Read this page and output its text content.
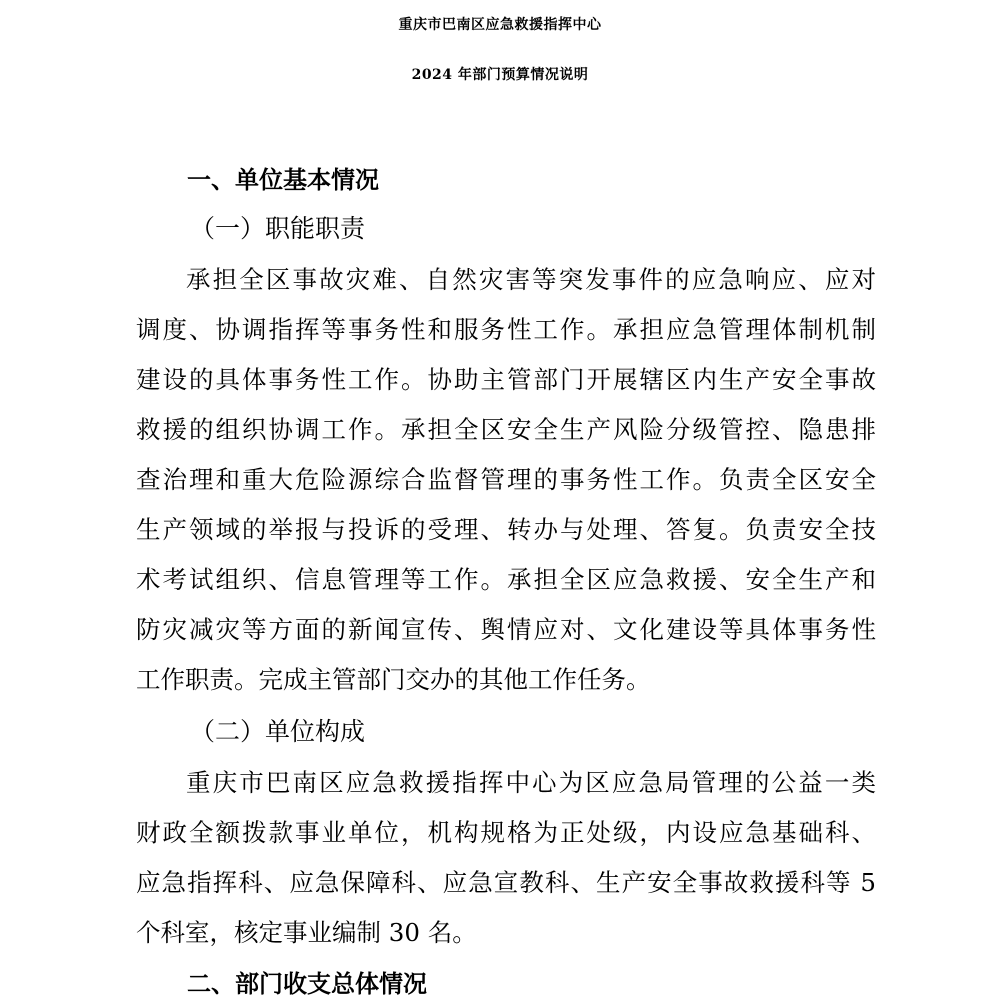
重庆市巴南区应急救援指挥中心
2024 年部门预算情况说明
一、单位基本情况
（一）职能职责
承担全区事故灾难、自然灾害等突发事件的应急响应、应对
调度、协调指挥等事务性和服务性工作。承担应急管理体制机制
建设的具体事务性工作。协助主管部门开展辖区内生产安全事故
救援的组织协调工作。承担全区安全生产风险分级管控、隐患排
查治理和重大危险源综合监督管理的事务性工作。负责全区安全
生产领域的举报与投诉的受理、转办与处理、答复。负责安全技
术考试组织、信息管理等工作。承担全区应急救援、安全生产和
防灾减灾等方面的新闻宣传、舆情应对、文化建设等具体事务性
工作职责。完成主管部门交办的其他工作任务。
（二）单位构成
重庆市巴南区应急救援指挥中心为区应急局管理的公益一类
财政全额拨款事业单位，机构规格为正处级，内设应急基础科、
应急指挥科、应急保障科、应急宣教科、生产安全事故救援科等 5
个科室，核定事业编制 30 名。
二、部门收支总体情况
